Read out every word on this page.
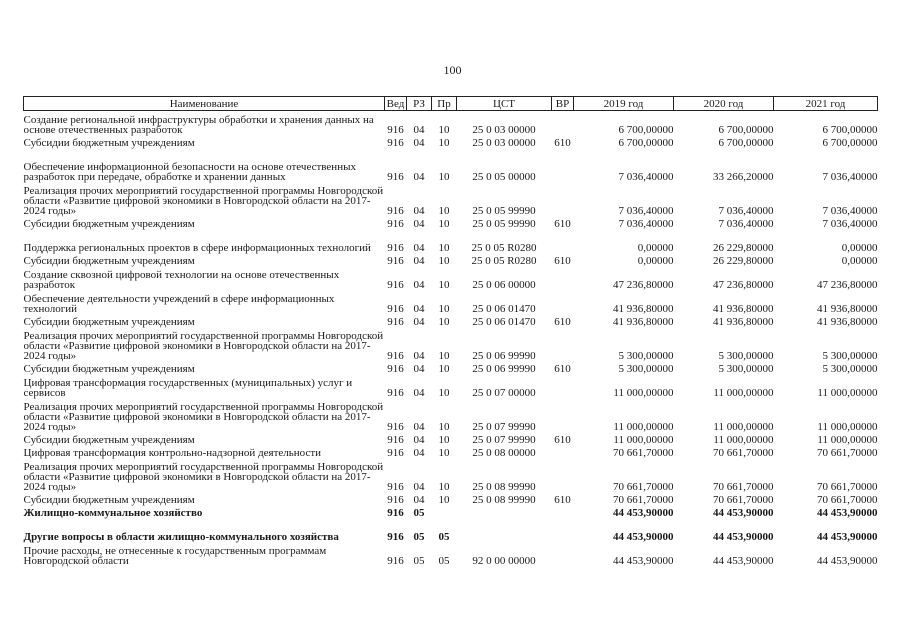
100
Наименование	Вед	РЗ	Пр	ЦСТ	ВР	2019 год	2020 год	2021 год
Создание региональной инфраструктуры обработки и хранения данных на основе отечественных разработок	916	04	10	25 0 03 00000		6 700,00000	6 700,00000	6 700,00000
Субсидии бюджетным учреждениям	916	04	10	25 0 03 00000	610	6 700,00000	6 700,00000	6 700,00000
Обеспечение информационной безопасности на основе отечественных разработок при передаче, обработке и хранении данных	916	04	10	25 0 05 00000		7 036,40000	33 266,20000	7 036,40000
Реализация прочих мероприятий государственной программы Новгородской области «Развитие цифровой экономики в Новгородской области на 2017-2024 годы»	916	04	10	25 0 05 99990		7 036,40000	7 036,40000	7 036,40000
Субсидии бюджетным учреждениям	916	04	10	25 0 05 99990	610	7 036,40000	7 036,40000	7 036,40000
Поддержка региональных проектов в сфере информационных технологий	916	04	10	25 0 05 R0280		0,00000	26 229,80000	0,00000
Субсидии бюджетным учреждениям	916	04	10	25 0 05 R0280	610	0,00000	26 229,80000	0,00000
Создание сквозной цифровой технологии на основе отечественных разработок	916	04	10	25 0 06 00000		47 236,80000	47 236,80000	47 236,80000
Обеспечение деятельности учреждений в сфере информационных технологий	916	04	10	25 0 06 01470		41 936,80000	41 936,80000	41 936,80000
Субсидии бюджетным учреждениям	916	04	10	25 0 06 01470	610	41 936,80000	41 936,80000	41 936,80000
Реализация прочих мероприятий государственной программы Новгородской области «Развитие цифровой экономики в Новгородской области на 2017-2024 годы»	916	04	10	25 0 06 99990		5 300,00000	5 300,00000	5 300,00000
Субсидии бюджетным учреждениям	916	04	10	25 0 06 99990	610	5 300,00000	5 300,00000	5 300,00000
Цифровая трансформация государственных (муниципальных) услуг и сервисов	916	04	10	25 0 07 00000		11 000,00000	11 000,00000	11 000,00000
Реализация прочих мероприятий государственной программы Новгородской области «Развитие цифровой экономики в Новгородской области на 2017-2024 годы»	916	04	10	25 0 07 99990		11 000,00000	11 000,00000	11 000,00000
Субсидии бюджетным учреждениям	916	04	10	25 0 07 99990	610	11 000,00000	11 000,00000	11 000,00000
Цифровая трансформация контрольно-надзорной деятельности	916	04	10	25 0 08 00000		70 661,70000	70 661,70000	70 661,70000
Реализация прочих мероприятий государственной программы Новгородской области «Развитие цифровой экономики в Новгородской области на 2017-2024 годы»	916	04	10	25 0 08 99990		70 661,70000	70 661,70000	70 661,70000
Субсидии бюджетным учреждениям	916	04	10	25 0 08 99990	610	70 661,70000	70 661,70000	70 661,70000
Жилищно-коммунальное хозяйство	916	05				44 453,90000	44 453,90000	44 453,90000
Другие вопросы в области жилищно-коммунального хозяйства	916	05	05			44 453,90000	44 453,90000	44 453,90000
Прочие расходы, не отнесенные к государственным программам Новгородской области	916	05	05	92 0 00 00000		44 453,90000	44 453,90000	44 453,90000
